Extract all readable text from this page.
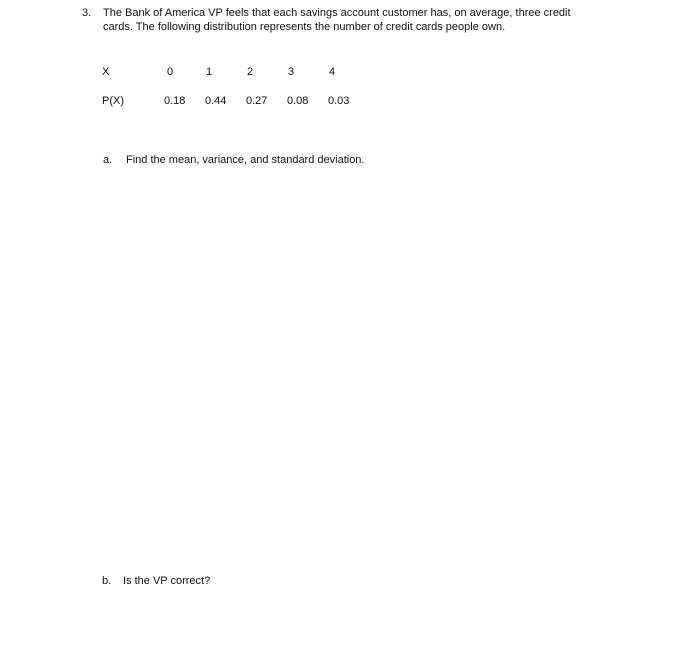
3. The Bank of America VP feels that each savings account customer has, on average, three credit
cards. The following distribution represents the number of credit cards people own.
X	0	1	2	3	4
P(X)	0.18 0.44 0.27 0.08 0.03
a. Find the mean, variance, and standard deviation.
b. Is the VP correct?
